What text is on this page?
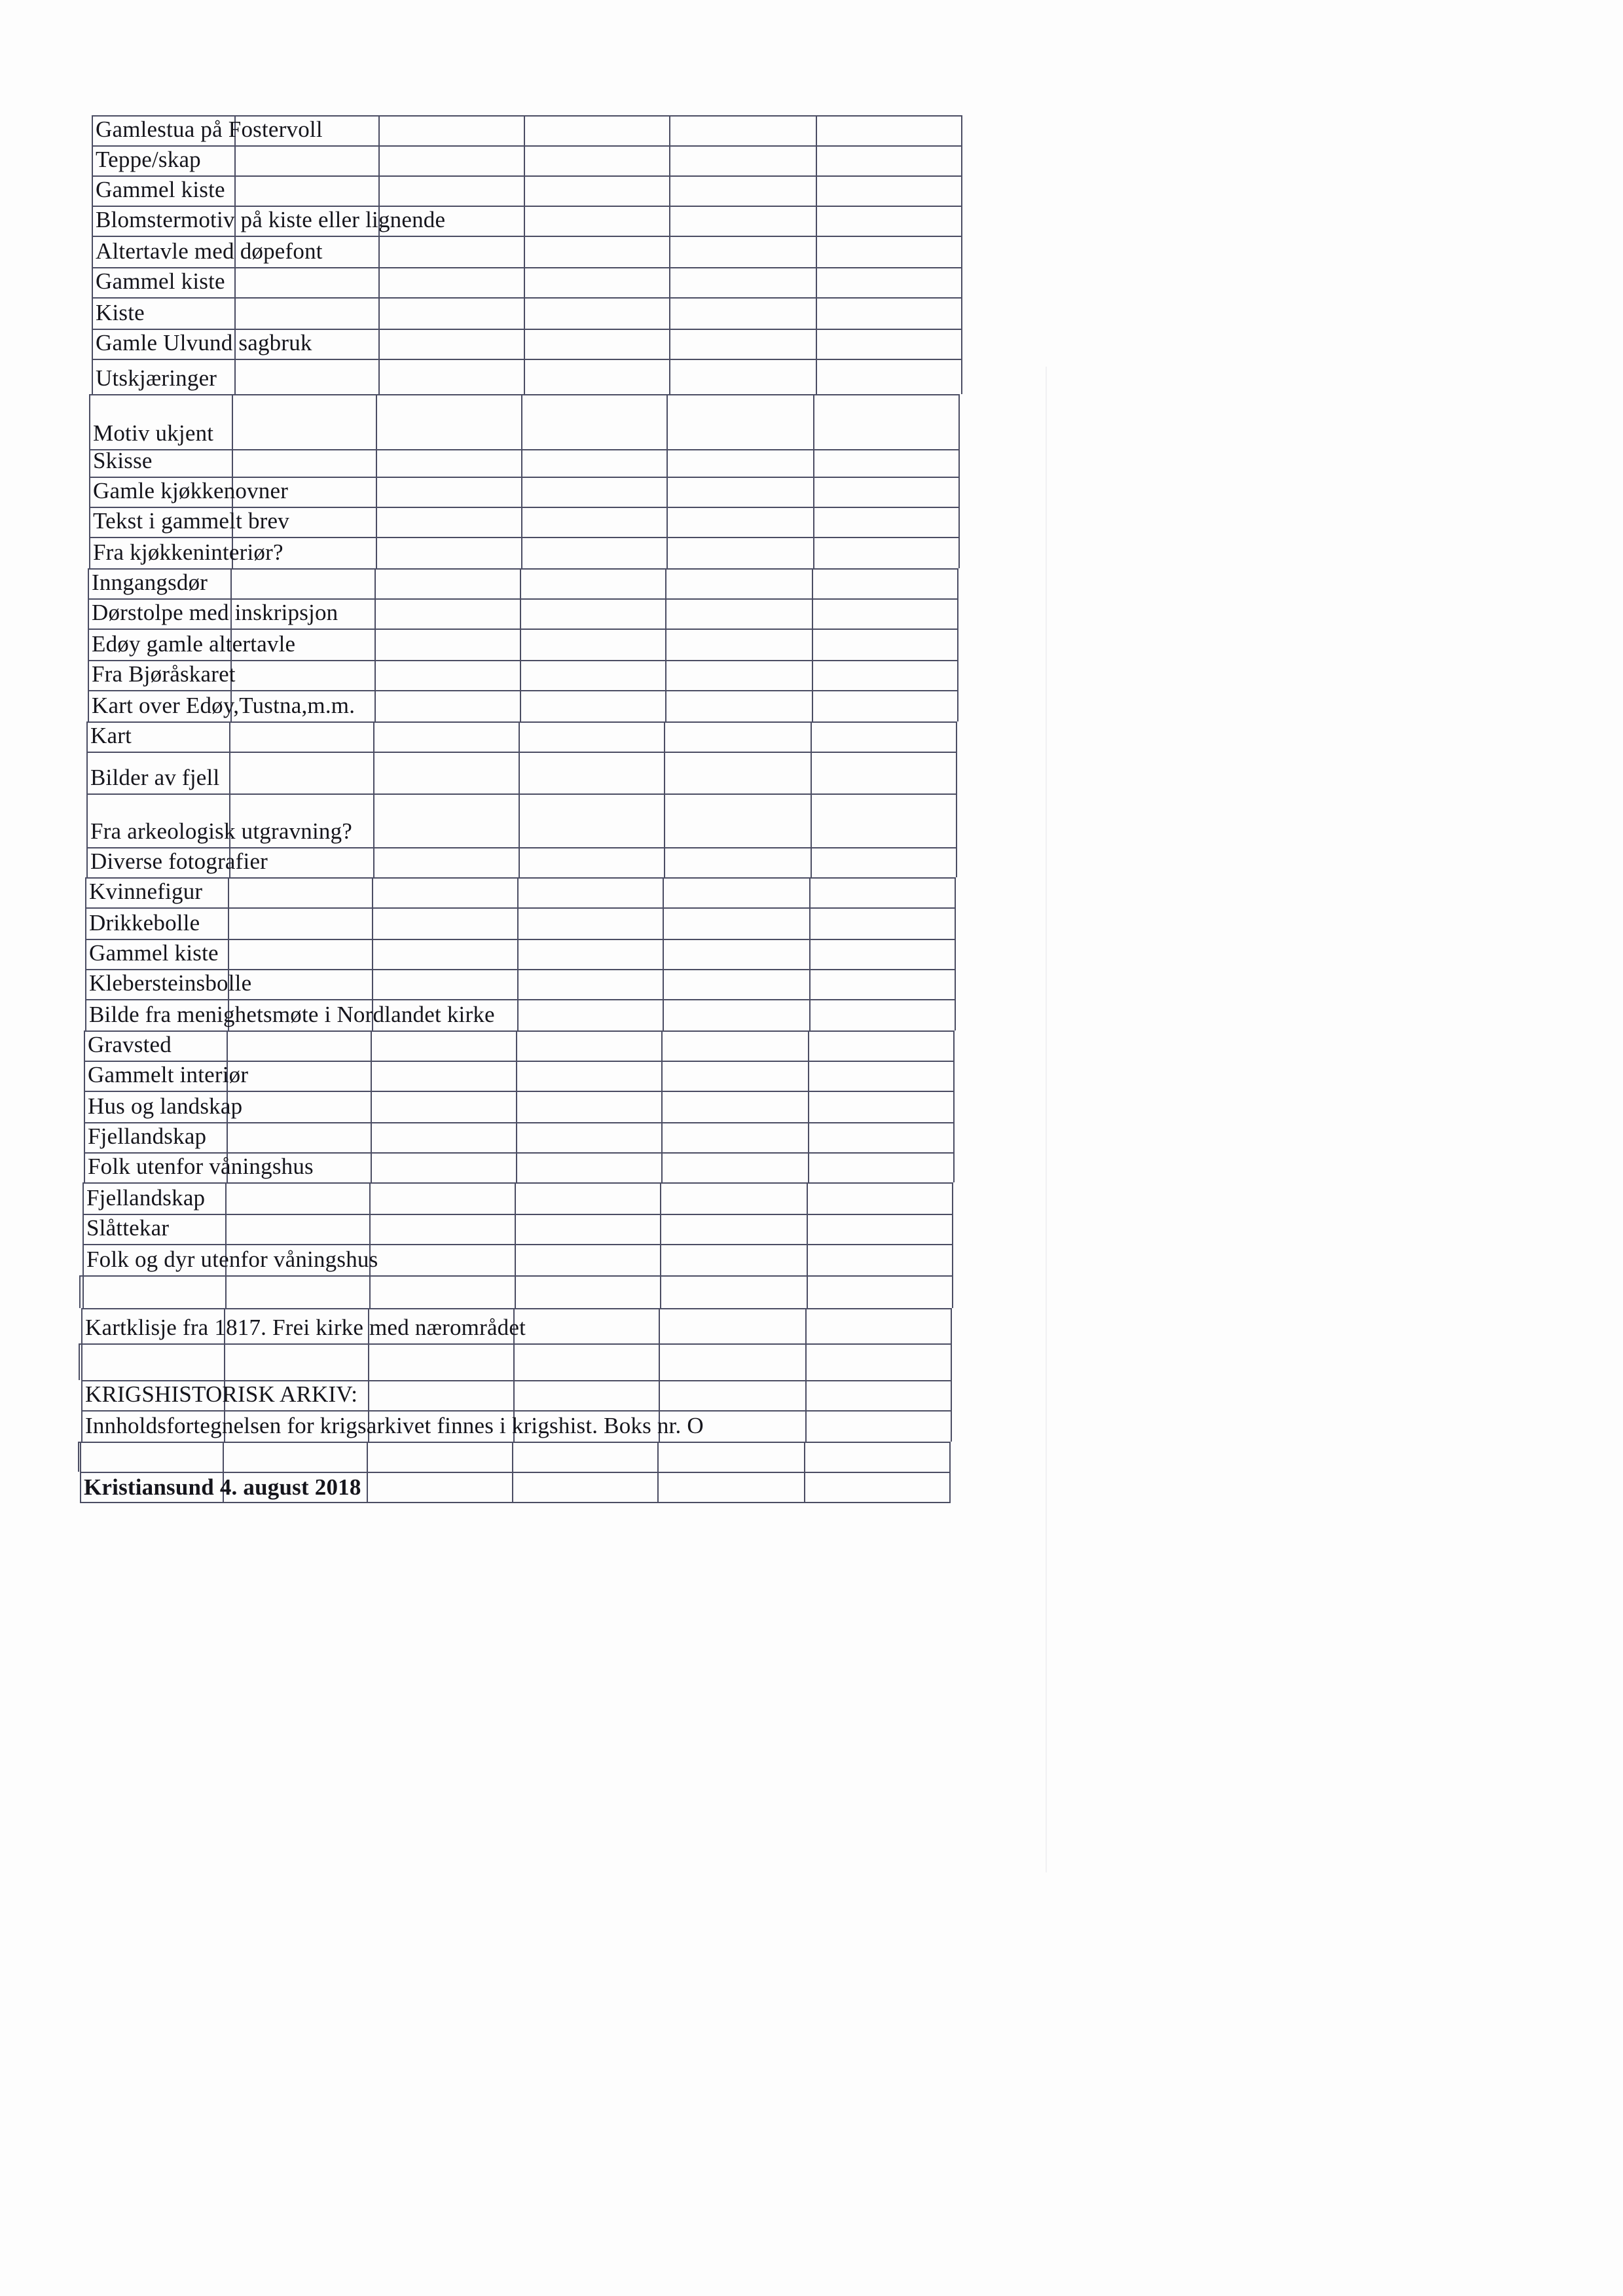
Gamlestua på Fostervoll
Teppe/skap
Gammel kiste
Blomstermotiv på kiste eller lignende
Altertavle med døpefont
Gammel kiste
Kiste
Gamle Ulvund sagbruk
Utskjæringer
Motiv ukjent
Skisse
Gamle kjøkkenovner
Tekst i gammelt brev
Fra kjøkkeninteriør?
Inngangsdør
Dørstolpe med inskripsjon
Edøy gamle altertavle
Fra Bjøråskaret
Kart over Edøy,Tustna,m.m.
Kart
Bilder av fjell
Fra arkeologisk utgravning?
Diverse fotografier
Kvinnefigur
Drikkebolle
Gammel kiste
Klebersteinsbolle
Bilde fra menighetsmøte i Nordlandet kirke
Gravsted
Gammelt interiør
Hus og landskap
Fjellandskap
Folk utenfor våningshus
Fjellandskap
Slåttekar
Folk og dyr utenfor våningshus
Kartklisje fra 1817. Frei kirke med nærområdet
KRIGSHISTORISK ARKIV:
Innholdsfortegnelsen for krigsarkivet finnes i krigshist. Boks nr. O
Kristiansund 4. august 2018
